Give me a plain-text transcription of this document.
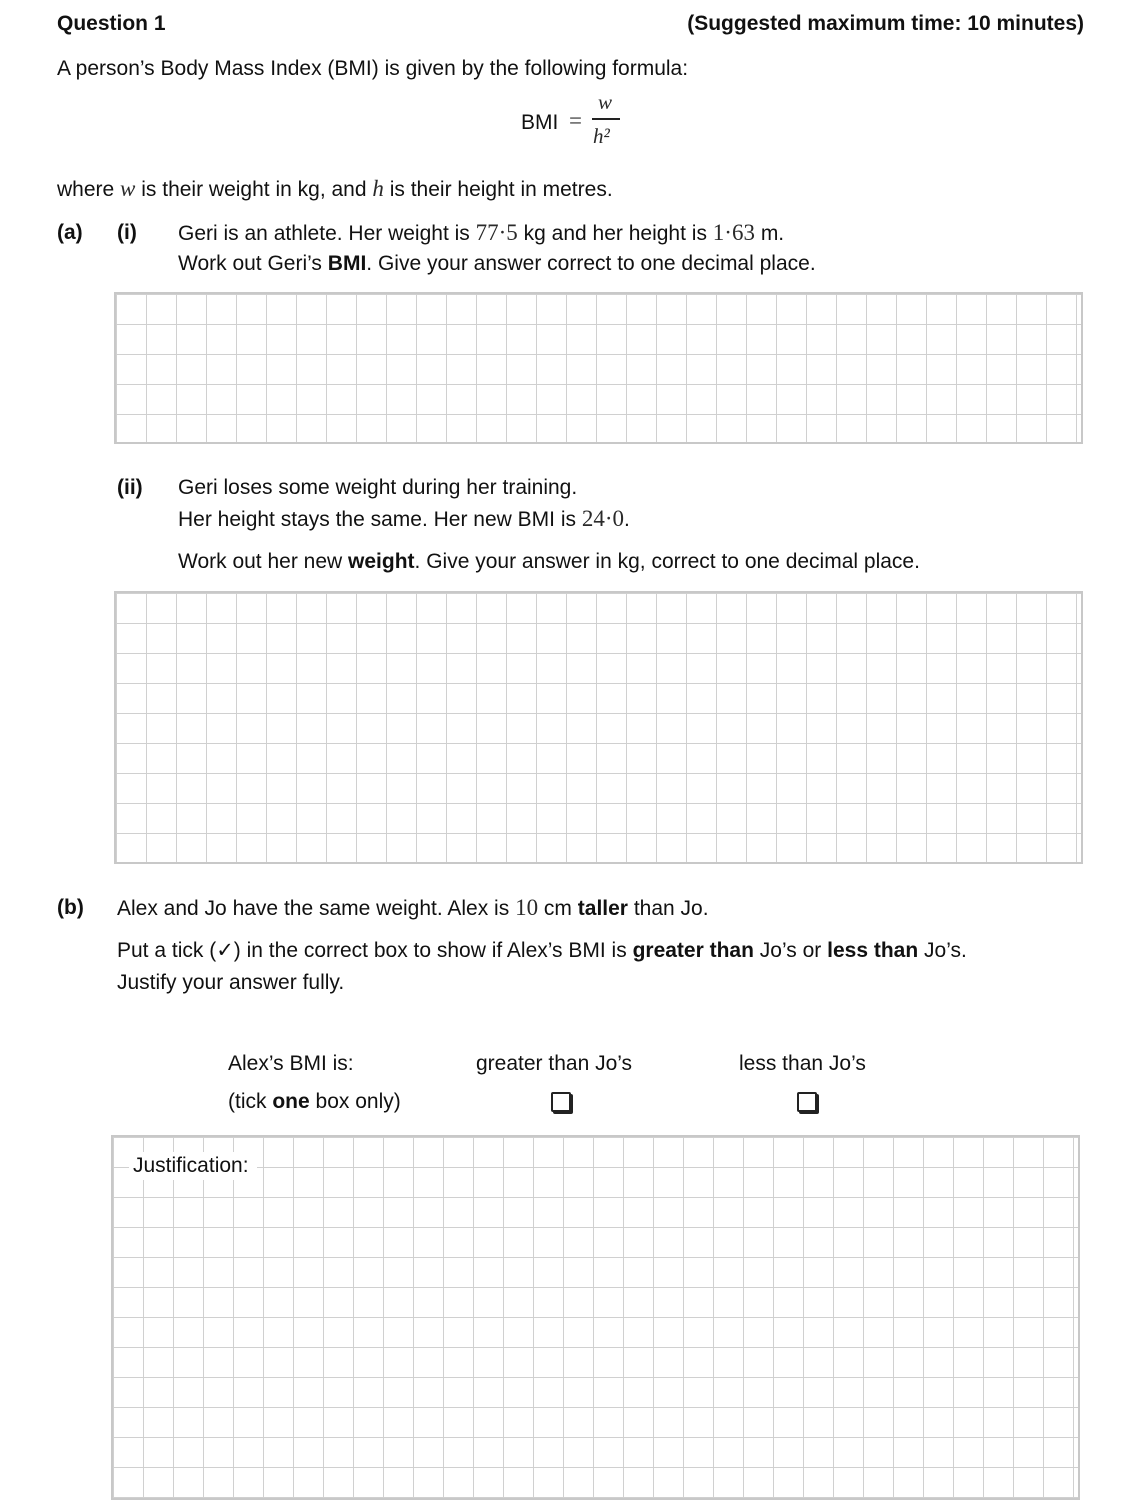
Question 1	(Suggested maximum time: 10 minutes)
A person’s Body Mass Index (BMI) is given by the following formula:
BMI =
w
h²
where w is their weight in kg, and h is their height in metres.
(a) (i) Geri is an athlete. Her weight is 77·5 kg and her height is 1·63 m.
Work out Geri’s BMI. Give your answer correct to one decimal place.
(ii) Geri loses some weight during her training.
Her height stays the same. Her new BMI is 24·0.
Work out her new weight. Give your answer in kg, correct to one decimal place.
(b) Alex and Jo have the same weight. Alex is 10 cm taller than Jo.
Put a tick (✓) in the correct box to show if Alex’s BMI is greater than Jo’s or less than Jo’s.
Justify your answer fully.
Alex’s BMI is:
(tick one box only)
greater than Jo’s	less than Jo’s
Justification:
